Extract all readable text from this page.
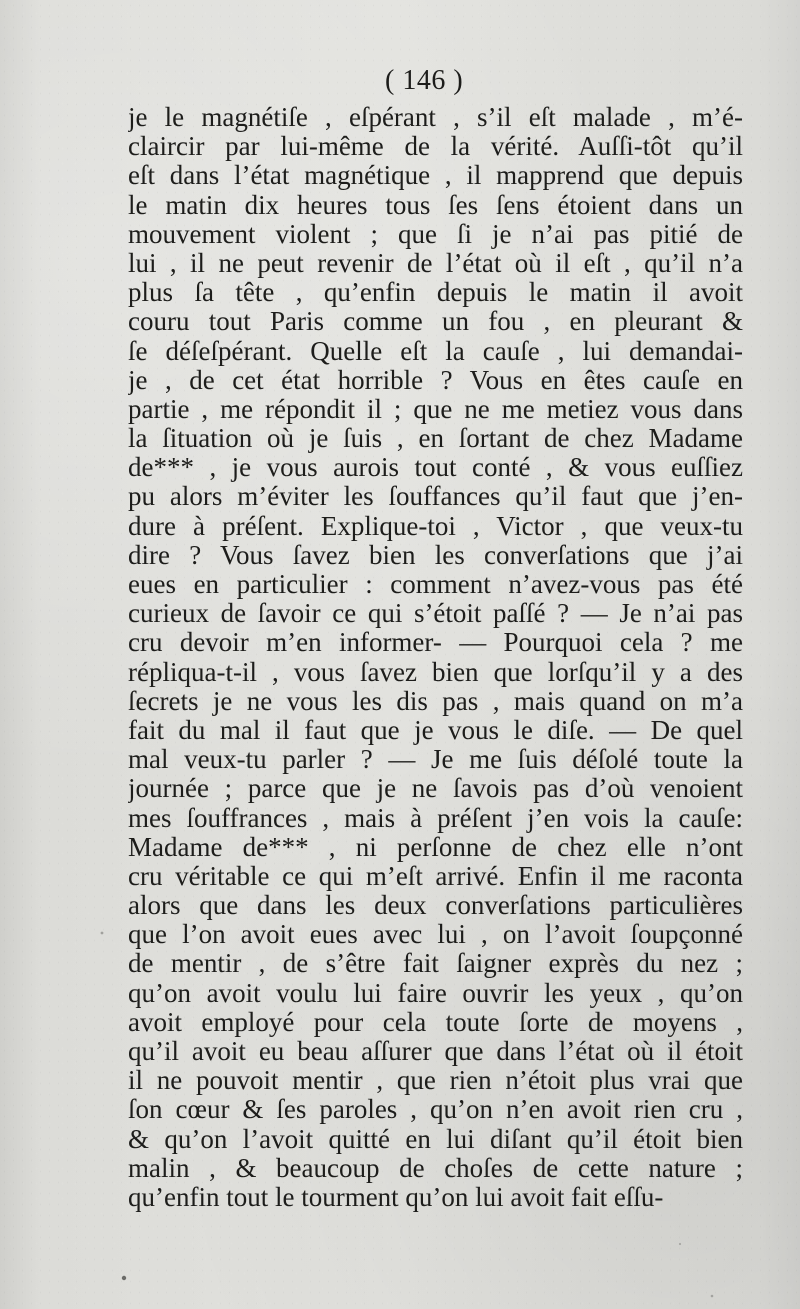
( 146 )
je le magnétiſe , eſpérant , s’il eſt malade , m’é-
claircir par lui-même de la vérité. Auſſi-tôt qu’il
eſt dans l’état magnétique , il mapprend que depuis
le matin dix heures tous ſes ſens étoient dans un
mouvement violent ; que ſi je n’ai pas pitié de
lui , il ne peut revenir de l’état où il eſt , qu’il n’a
plus ſa tête , qu’enfin depuis le matin il avoit
couru tout Paris comme un fou , en pleurant &
ſe déſeſpérant. Quelle eſt la cauſe , lui demandai-
je , de cet état horrible ? Vous en êtes cauſe en
partie , me répondit il ; que ne me metiez vous dans
la ſituation où je ſuis , en ſortant de chez Madame
de*** , je vous aurois tout conté , & vous euſſiez
pu alors m’éviter les ſouffances qu’il faut que j’en-
dure à préſent. Explique-toi , Victor , que veux-tu
dire ? Vous ſavez bien les converſations que j’ai
eues en particulier : comment n’avez-vous pas été
curieux de ſavoir ce qui s’étoit paſſé ? — Je n’ai pas
cru devoir m’en informer- — Pourquoi cela ? me
répliqua-t-il , vous ſavez bien que lorſqu’il y a des
ſecrets je ne vous les dis pas , mais quand on m’a
fait du mal il faut que je vous le diſe. — De quel
mal veux-tu parler ? — Je me ſuis déſolé toute la
journée ; parce que je ne ſavois pas d’où venoient
mes ſouffrances , mais à préſent j’en vois la cauſe:
Madame de*** , ni perſonne de chez elle n’ont
cru véritable ce qui m’eſt arrivé. Enfin il me raconta
alors que dans les deux converſations particulières
que l’on avoit eues avec lui , on l’avoit ſoupçonné
de mentir , de s’être fait ſaigner exprès du nez ;
qu’on avoit voulu lui faire ouvrir les yeux , qu’on
avoit employé pour cela toute ſorte de moyens ,
qu’il avoit eu beau aſſurer que dans l’état où il étoit
il ne pouvoit mentir , que rien n’étoit plus vrai que
ſon cœur & ſes paroles , qu’on n’en avoit rien cru ,
& qu’on l’avoit quitté en lui diſant qu’il étoit bien
malin , & beaucoup de choſes de cette nature ;
qu’enfin tout le tourment qu’on lui avoit fait eſſu-
